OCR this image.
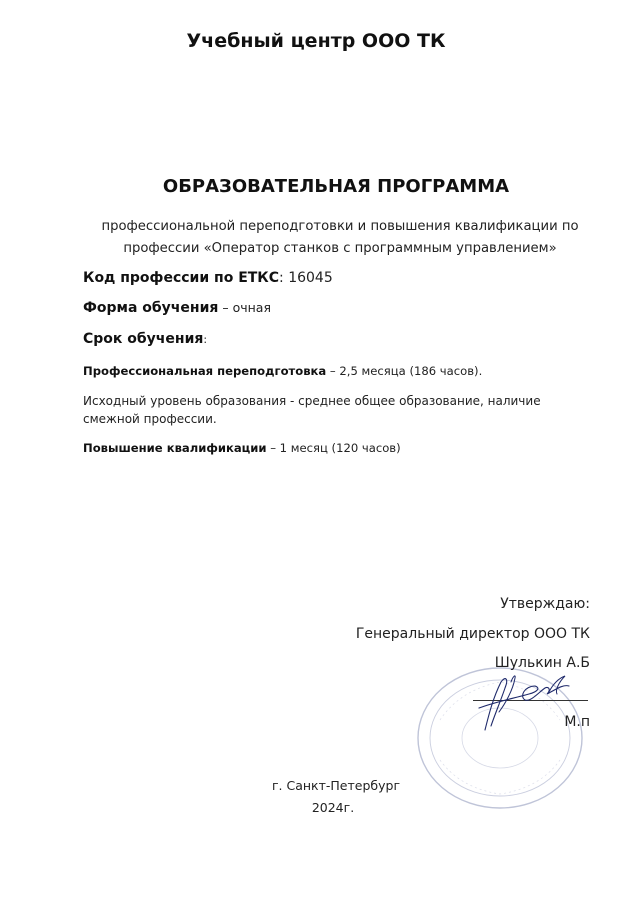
Учебный центр ООО ТК
ОБРАЗОВАТЕЛЬНАЯ ПРОГРАММА
профессиональной переподготовки и повышения квалификации по
профессии «Оператор станков с программным управлением»
Код профессии по ЕТКС: 16045
Форма обучения – очная
Срок обучения:
Профессиональная переподготовка – 2,5 месяца (186 часов).
Исходный уровень образования - среднее общее образование, наличие смежной профессии.
Повышение квалификации – 1 месяц (120 часов)
Утверждаю:
Генеральный директор ООО ТК
Шулькин А.Б
М.п
г. Санкт-Петербург
2024г.
